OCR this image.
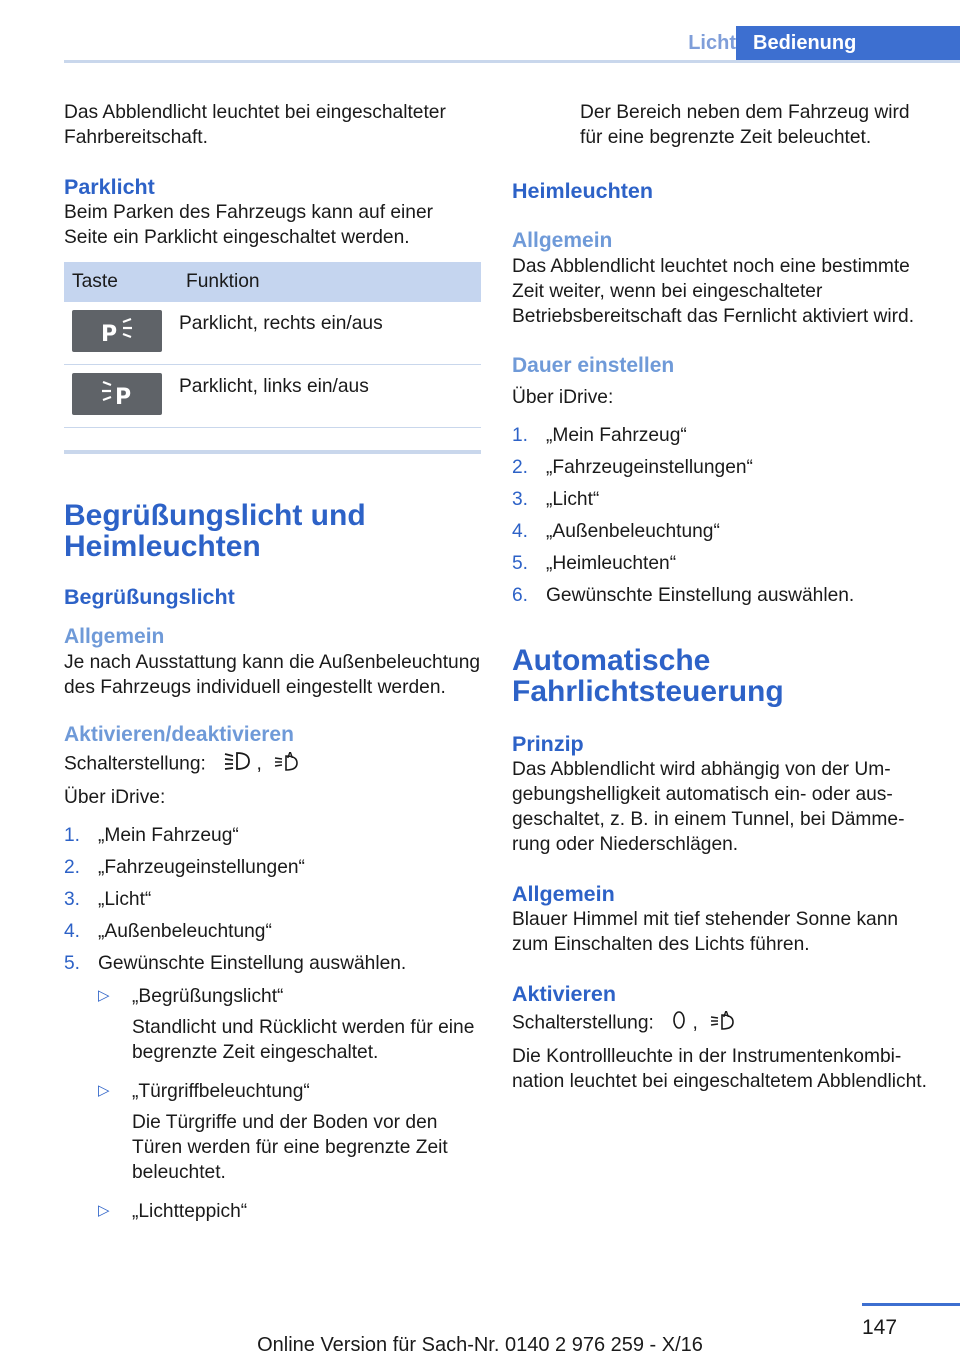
Licht Bedienung

Das Abblendlicht leuchtet bei eingeschalteter Fahrbereitschaft.

Parklicht

Beim Parken des Fahrzeugs kann auf einer Seite ein Parklicht eingeschaltet werden.

Taste	Funktion

P	Parklicht, rechts ein/aus

P	Parklicht, links ein/aus
Begrüßungslicht und Heimleuchten
Begrüßungslicht
Allgemein

Je nach Ausstattung kann die Außenbeleuchtung des Fahrzeugs individuell eingestellt werden.

Aktivieren/deaktivieren

Schalterstellung:	,	A

Über iDrive:

1. „Mein Fahrzeug“
2. „Fahrzeugeinstellungen“
3. „Licht“
4. „Außenbeleuchtung“
5. Gewünschte Einstellung auswählen.
▷ „Begrüßungslicht“
Standlicht und Rücklicht werden für eine begrenzte Zeit eingeschaltet.
▷ „Türgriffbeleuchtung“
Die Türgriffe und der Boden vor den Türen werden für eine begrenzte Zeit beleuchtet.
▷ „Lichtteppich“

Der Bereich neben dem Fahrzeug wird für eine begrenzte Zeit beleuchtet.

Heimleuchten
Allgemein

Das Abblendlicht leuchtet noch eine bestimmte Zeit weiter, wenn bei eingeschalteter Betriebsbereitschaft das Fernlicht aktiviert wird.

Dauer einstellen

Über iDrive:

1. „Mein Fahrzeug“
2. „Fahrzeugeinstellungen“
3. „Licht“
4. „Außenbeleuchtung“
5. „Heimleuchten“
6. Gewünschte Einstellung auswählen.
Automatische Fahrlichtsteuerung
Prinzip

Das Abblendlicht wird abhängig von der Umgebungshelligkeit automatisch ein- oder ausgeschaltet, z. B. in einem Tunnel, bei Dämmerung oder Niederschlägen.

Allgemein

Blauer Himmel mit tief stehender Sonne kann zum Einschalten des Lichts führen.

Aktivieren

Schalterstellung: ,	A

Die Kontrollleuchte in der Instrumentenkombination leuchtet bei eingeschaltetem Abblendlicht.

147
Online Version für Sach-Nr. 0140 2 976 259 - X/16
